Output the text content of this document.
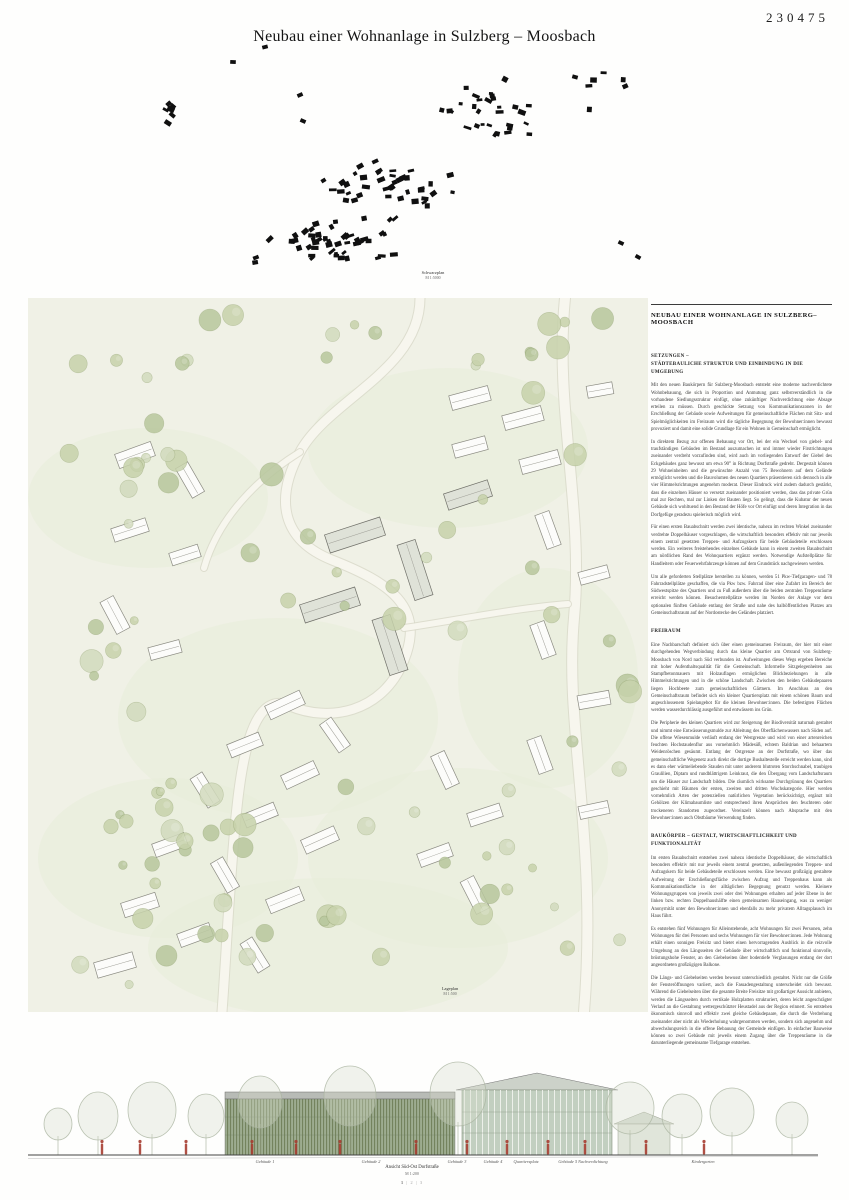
230475
Neubau einer Wohnanlage in Sulzberg – Moosbach
Schwarzplan
M 1:5000
Lageplan
M 1:500
NEUBAU EINER WOHNANLAGE IN SULZBERG–MOOSBACH
SETZUNGEN –
STÄDTEBAULICHE STRUKTUR UND EINBINDUNG IN DIE UMGEBUNG
Mit den neuen Baukörpern für Sulzberg-Moosbach entsteht eine moderne nachverdichtete Wohnbebauung, die sich in Proportion und Anmutung ganz selbstverständlich in die vorhandene Siedlungsstruktur einfügt, ohne zukünftiger Nachverdichtung eine Absage erteilen zu müssen. Durch geschickte Setzung von Kommunikationszonen in der Erschließung der Gebäude sowie Aufweitungen für gemeinschaftliche Flächen mit Sitz- und Spielmöglichkeiten im Freiraum wird die tägliche Begegnung der Bewohner:innen bewusst provoziert und damit eine solide Grundlage für ein Wohnen in Gemeinschaft ermöglicht.
In direktem Bezug zur offenen Bebauung vor Ort, bei der ein Wechsel von giebel- und traufständigen Gebäuden im Bestand auszumachen ist und immer wieder Firstrichtungen zueinander verdreht vorzufinden sind, wird auch im vorliegenden Entwurf der Giebel des Eckgebäudes ganz bewusst um etwa 90° in Richtung Dorfstraße gedreht. Dergestalt können 29 Wohneinheiten und die gewünschte Anzahl von 75 Bewohnern auf dem Gelände ermöglicht werden und die Bauvolumen des neuen Quartiers präsentieren sich dennoch in alle vier Himmelsrichtungen angenehm moderat. Dieser Eindruck wird zudem dadurch gestärkt, dass die einzelnen Häuser so versetzt zueinander positioniert werden, dass das private Grün mal zur Rechten, mal zur Linken der Bauten liegt. So gelingt, dass die Kubatur der neuen Gebäude sich wohltuend in den Bestand der Höfe vor Ort einfügt und deren Integration in das Dorfgefüge geradezu spielerisch möglich wird.
Für einen ersten Bauabschnitt werden zwei identische, nahezu im rechten Winkel zueinander verdrehte Doppelhäuser vorgeschlagen, die wirtschaftlich besonders effektiv mit nur jeweils einem zentral gesetzten Treppen- und Aufzugskern für beide Gebäudeteile erschlossen werden. Ein weiteres freistehendes einzelnes Gebäude kann in einem zweiten Bauabschnitt am nördlichen Rand des Wohnquartiers ergänzt werden. Notwendige Aufstellplätze für Handleitern oder Feuerwehrfahrzeuge können auf dem Grundstück nachgewiesen werden.
Um alle geforderten Stellplätze herstellen zu können, werden 51 Pkw-Tiefgaragen- und 78 Fahrradstellplätze geschaffen, die via Pkw bzw. Fahrrad über eine Zufahrt im Bereich der Südwestspitze des Quartiers und zu Fuß außerdem über die beiden zentralen Treppenräume erreicht werden können. Besucherstellplätze werden im Norden der Anlage vor dem optionalen fünften Gebäude entlang der Straße und nahe des halböffentlichen Platzes am Gemeinschaftsraum auf der Nordostecke des Geländes platziert.
FREIRAUM
Eine Nachbarschaft definiert sich über einen gemeinsamen Freiraum, der hier mit einer durchgehenden Wegverbindung durch das kleine Quartier am Ortsrand von Sulzberg-Moosbach von Nord nach Süd verbunden ist. Aufweitungen dieses Wegs ergeben Bereiche mit hoher Aufenthaltsqualität für die Gemeinschaft. Informelle Sitzgelegenheiten aus Stampfbetonmauern mit Holzauflagen ermöglichen Blickbeziehungen in alle Himmelsrichtungen und in die schöne Landschaft. Zwischen den beiden Gebäudepaaren liegen Hochbeete zum gemeinschaftlichen Gärtnern. Im Anschluss an den Gemeinschaftsraum befindet sich ein kleiner Quartiersplatz mit einem schönen Baum und angeschlossenem Spielangebot für die kleinen Bewohner:innen. Die befestigten Flächen werden wasserdurchlässig ausgeführt und entwässern ins Grün.
Die Peripherie des kleinen Quartiers wird zur Steigerung der Biodiversität naturnah gestaltet und nimmt eine Entwässerungsmulde zur Ableitung des Oberflächenwassers nach Süden auf. Die offene Wiesenmulde verläuft entlang der Westgrenze und wird von einer artenreichen feuchten Hochstaudenflur aus vornehmlich Mädesüß, echtem Baldrian und behaartem Weidenröschen gesäumt. Entlang der Ostgrenze an der Dorfstraße, wo über das gemeinschaftliche Wegenetz auch direkt die dortige Bushaltestelle erreicht werden kann, sind es dann eher wärmeliebende Stauden mit unter anderem blutroten Storchschnabel, traubigen Graulilien, Diptam und rundblättrigem Leinkraut, die den Übergang vom Landschaftsraum um die Häuser zur Landschaft bilden. Die räumlich wirksame Durchgrünung des Quartiers geschieht mit Bäumen der ersten, zweiten und dritten Wuchskategorie. Hier werden vornehmlich Arten der potenziellen natürlichen Vegetation berücksichtigt, ergänzt mit Gehölzen der Klimabaumliste und entsprechend ihren Ansprüchen den feuchteren oder trockeneren Standorten zugeordnet. Vereinzelt können nach Absprache mit den Bewohner:innen auch Obstbäume Verwendung finden.
BAUKÖRPER – GESTALT, WIRTSCHAFTLICHKEIT UND FUNKTIONALITÄT
Im ersten Bauabschnitt entstehen zwei nahezu identische Doppelhäuser, die wirtschaftlich besonders effektiv mit nur jeweils einem zentral gesetzten, außenliegenden Treppen- und Aufzugskern für beide Gebäudeteile erschlossen werden. Eine bewusst großzügig gestaltete Aufweitung der Erschließungsfläche zwischen Aufzug und Treppenhaus kann als Kommunikationsfläche in der alltäglichen Begegnung genutzt werden. Kleinere Wohnungsgruppen von jeweils zwei oder drei Wohnungen erhalten auf jeder Ebene in der linken bzw. rechten Doppelhaushälfte einen gemeinsamen Hauseingang, was zu weniger Anonymität unter den Bewohner:innen und ebenfalls zu mehr privatem Alltagsplausch im Haus führt.
Es entstehen fünf Wohnungen für Alleinstehende, acht Wohnungen für zwei Personen, zehn Wohnungen für drei Personen und sechs Wohnungen für vier Bewohner:innen. Jede Wohnung erhält einen sonnigen Freisitz und bietet einen hervorragenden Ausblick in die reizvolle Umgebung an den Längsseiten der Gebäude über wirtschaftlich und funktional sinnvolle, brüstungshohe Fenster, an den Giebelseiten über bodentiefe Verglasungen entlang der dort angeordneten großzügigen Balkone.
Die Längs- und Giebelseiten werden bewusst unterschiedlich gestaltet. Nicht nur die Größe der Fensteröffnungen variiert, auch die Fassadengestaltung unterscheidet sich bewusst. Während die Giebelseiten über die gesamte Breite Freisitze mit großartiger Aussicht anbieten, werden die Längsseiten durch vertikale Holzplatten strukturiert, deren leicht angeschrägter Verlauf an die Gestaltung wettergeschützter Heustadel aus der Region erinnert. So entstehen ökonomisch sinnvoll und effektiv zwei gleiche Gebäudepaare, die durch die Verdrehung zueinander aber nicht als Wiederholung wahrgenommen werden, sondern sich angenehm und abwechslungsreich in die offene Bebauung der Gemeinde einfügen. In einfacher Bauweise können so zwei Gebäude mit jeweils einem Zugang über die Treppenräume in die darunterliegende gemeinsame Tiefgarage entstehen.
Gebäude 1	Gebäude 2	Gebäude 3	Gebäude 4	Quartiersplatz	Gebäude 5 Nachverdichtung	Kindergarten
Ansicht Süd-Ost Dorfstraße
M 1:200
1 | 2 | 3
